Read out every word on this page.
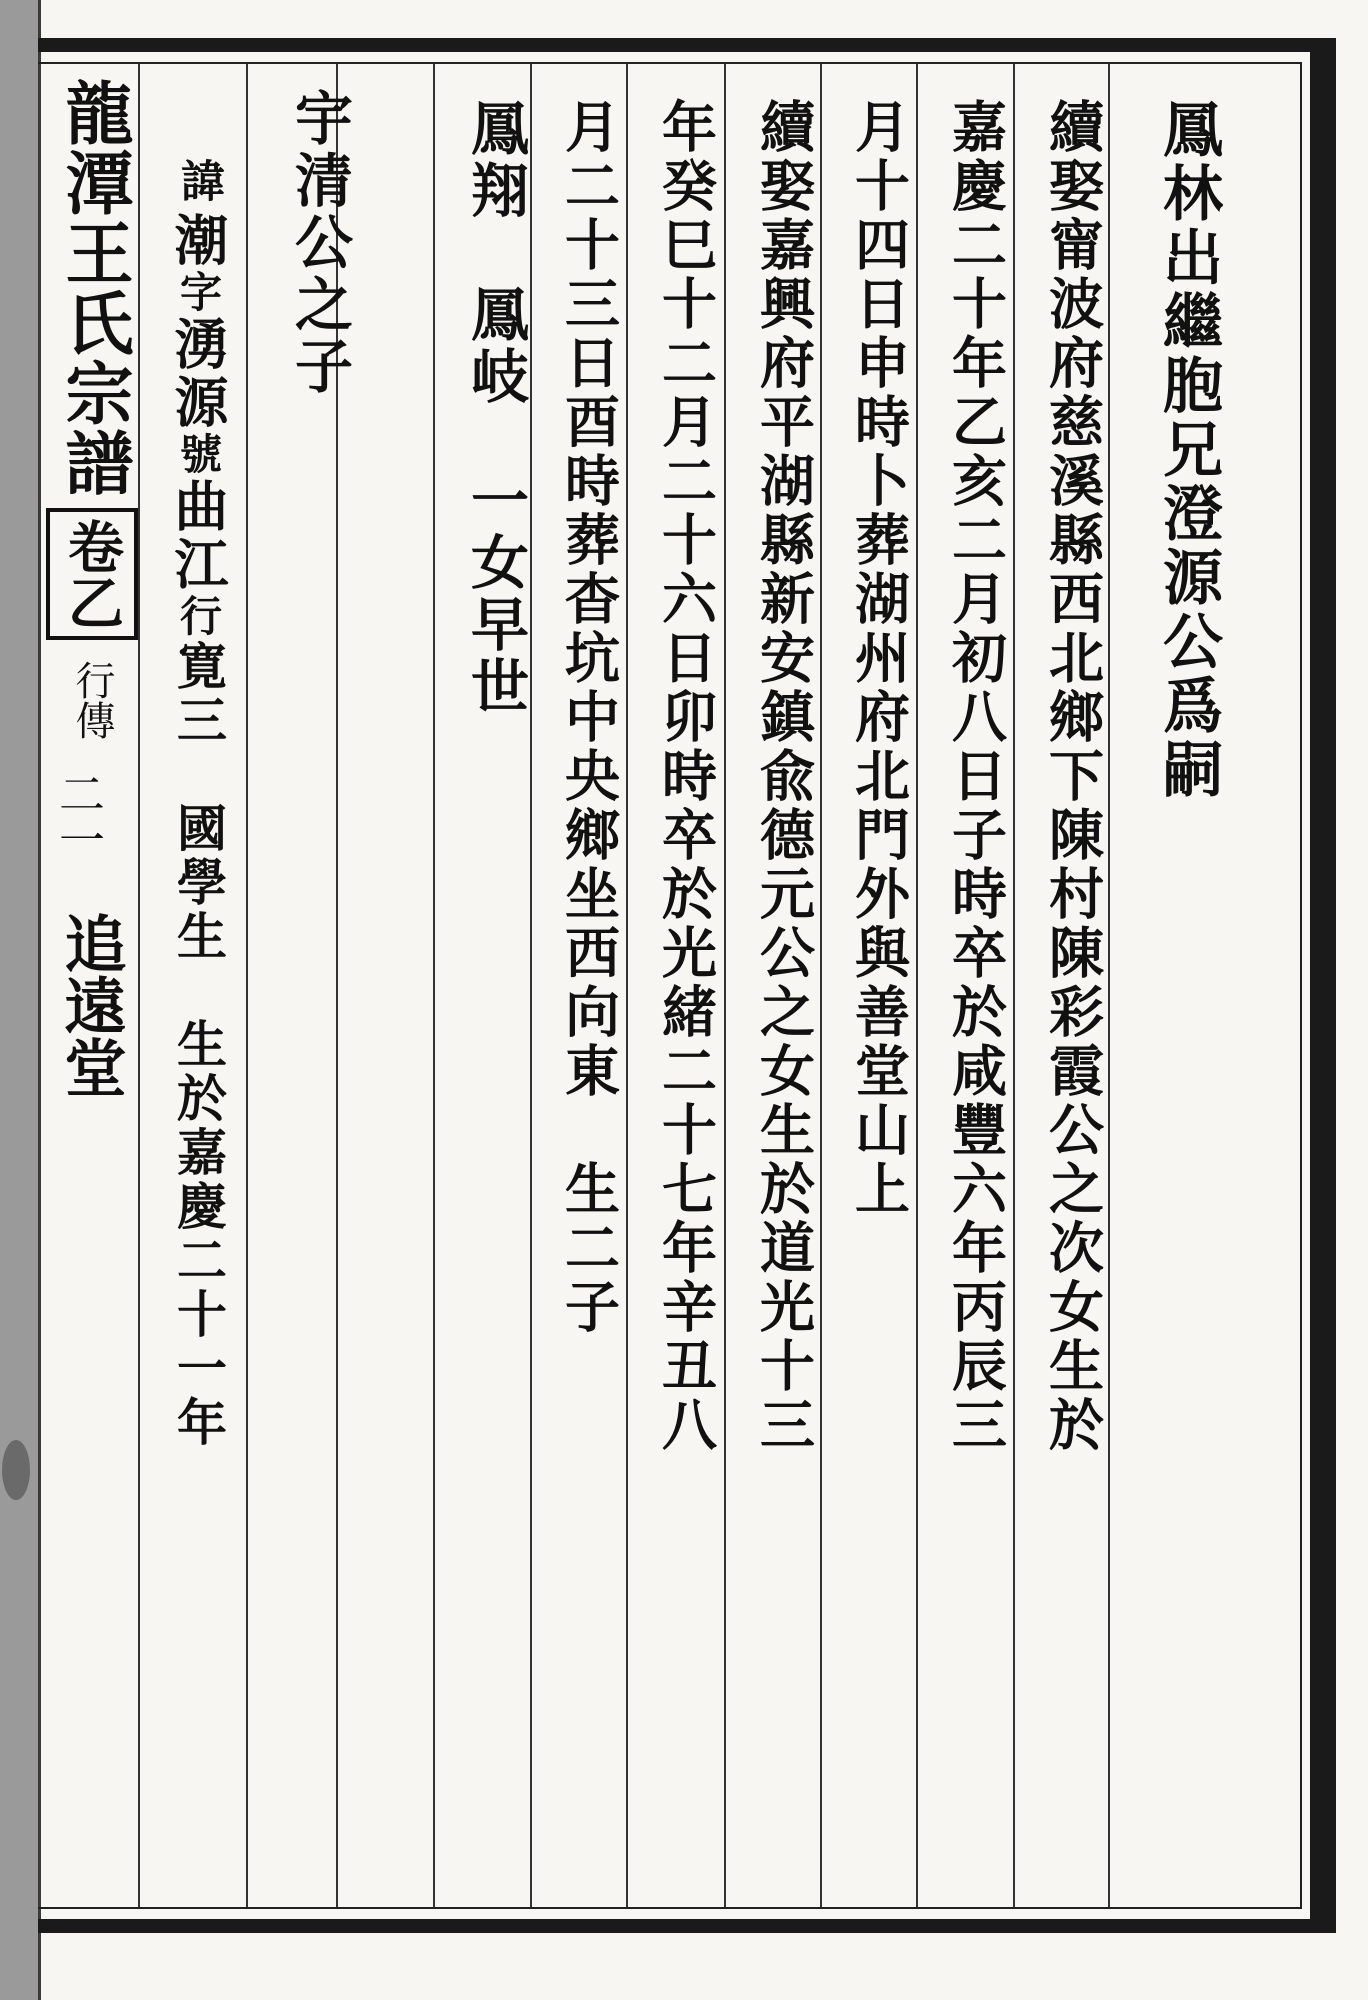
龍潭王氏宗譜
卷乙
行傳
二一
追遠堂
鳳林出繼胞兄澄源公爲嗣
續娶甯波府慈溪縣西北鄉下陳村陳彩霞公之次女生於
嘉慶二十年乙亥二月初八日子時卒於咸豐六年丙辰三
月十四日申時卜葬湖州府北門外與善堂山上
續娶嘉興府平湖縣新安鎮兪德元公之女生於道光十三
年癸巳十二月二十六日卯時卒於光緒二十七年辛丑八
月二十三日酉時葬杳坑中央鄉坐西向東　生二子
鳳翔　鳳岐　一女早世
宇清公之子
諱
潮
字
湧源
號
曲江
行
寛三　國學生　生於嘉慶二十一年
